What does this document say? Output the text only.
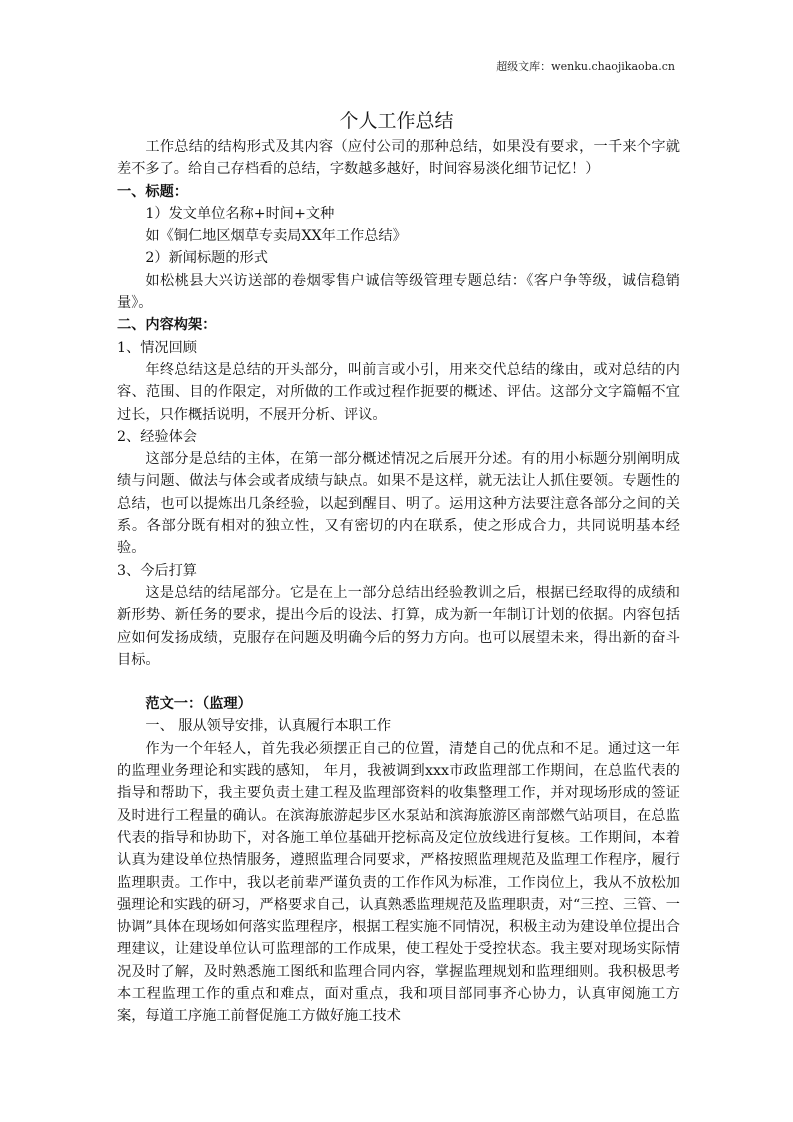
超级文库：wenku.chaojikaoba.cn
个人工作总结

工作总结的结构形式及其内容（应付公司的那种总结，如果没有要求，一千来个字就差不多了。给自己存档看的总结，字数越多越好，时间容易淡化细节记忆！）

一、标题：

1）发文单位名称+时间+文种

如《铜仁地区烟草专卖局XX年工作总结》

2）新闻标题的形式

如松桃县大兴访送部的卷烟零售户诚信等级管理专题总结：《客户争等级，诚信稳销量》。

二、内容构架：

1、情况回顾

年终总结这是总结的开头部分，叫前言或小引，用来交代总结的缘由，或对总结的内容、范围、目的作限定，对所做的工作或过程作扼要的概述、评估。这部分文字篇幅不宜过长，只作概括说明，不展开分析、评议。

2、经验体会

这部分是总结的主体，在第一部分概述情况之后展开分述。有的用小标题分别阐明成绩与问题、做法与体会或者成绩与缺点。如果不是这样，就无法让人抓住要领。专题性的总结，也可以提炼出几条经验，以起到醒目、明了。运用这种方法要注意各部分之间的关系。各部分既有相对的独立性，又有密切的内在联系，使之形成合力，共同说明基本经验。

3、今后打算

这是总结的结尾部分。它是在上一部分总结出经验教训之后，根据已经取得的成绩和新形势、新任务的要求，提出今后的设法、打算，成为新一年制订计划的依据。内容包括应如何发扬成绩，克服存在问题及明确今后的努力方向。也可以展望未来，得出新的奋斗目标。

范文一：（监理）

一、 服从领导安排，认真履行本职工作

作为一个年轻人，首先我必须摆正自己的位置，清楚自己的优点和不足。通过这一年的监理业务理论和实践的感知， 年月，我被调到xxx市政监理部工作期间，在总监代表的指导和帮助下，我主要负责土建工程及监理部资料的收集整理工作，并对现场形成的签证及时进行工程量的确认。在滨海旅游起步区水泵站和滨海旅游区南部燃气站项目，在总监代表的指导和协助下，对各施工单位基础开挖标高及定位放线进行复核。工作期间，本着认真为建设单位热情服务，遵照监理合同要求，严格按照监理规范及监理工作程序，履行监理职责。工作中，我以老前辈严谨负责的工作作风为标准，工作岗位上，我从不放松加强理论和实践的研习，严格要求自己，认真熟悉监理规范及监理职责，对“三控、三管、一协调”具体在现场如何落实监理程序，根据工程实施不同情况，积极主动为建设单位提出合理建议，让建设单位认可监理部的工作成果，使工程处于受控状态。我主要对现场实际情况及时了解，及时熟悉施工图纸和监理合同内容，掌握监理规划和监理细则。我积极思考本工程监理工作的重点和难点，面对重点，我和项目部同事齐心协力，认真审阅施工方案，每道工序施工前督促施工方做好施工技术
